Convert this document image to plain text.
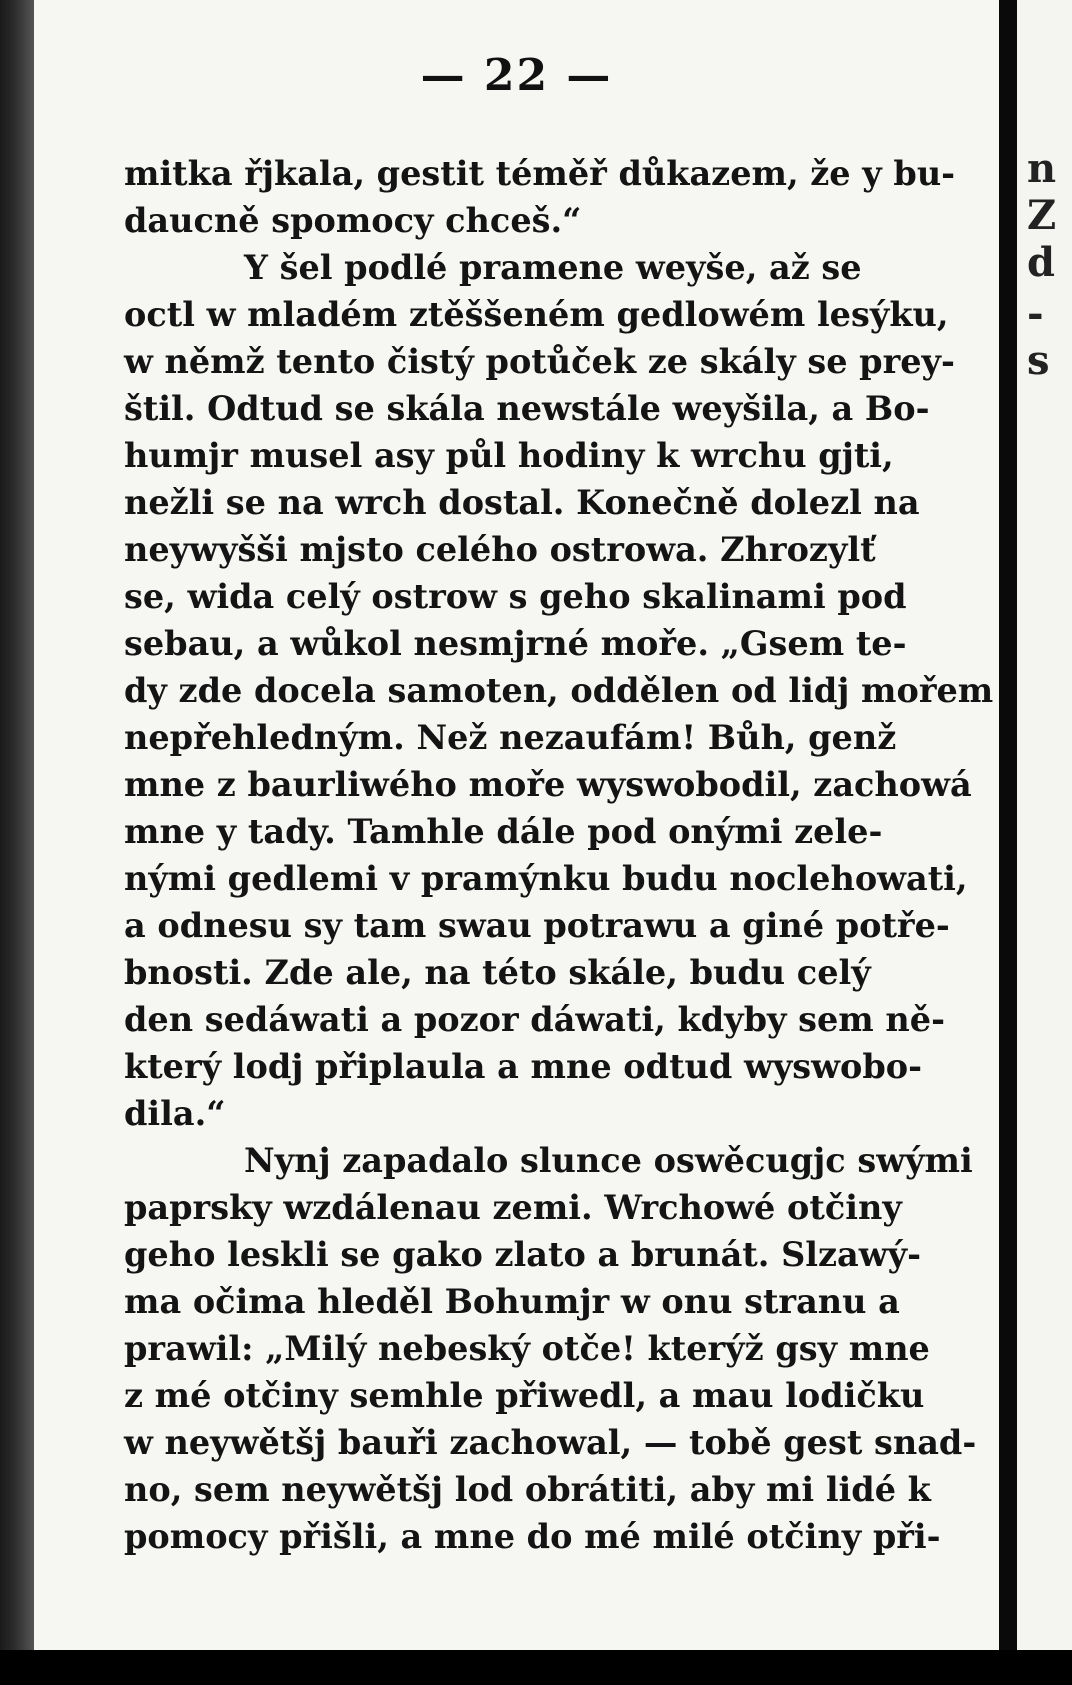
— 22 —
mitka řjkala, gestit téměř důkazem, že y bu-
daucně spomocy chceš.“
Y šel podlé pramene weyše, až se
octl w mladém ztěššeném gedlowém lesýku,
w němž tento čistý potůček ze skály se prey-
štil. Odtud se skála newstále weyšila, a Bo-
humjr musel asy půl hodiny k wrchu gjti,
nežli se na wrch dostal. Konečně dolezl na
neywyšši mjsto celého ostrowa. Zhrozylť
se, wida celý ostrow s geho skalinami pod
sebau, a wůkol nesmjrné moře. „Gsem te-
dy zde docela samoten, oddělen od lidj mořem
nepřehledným. Než nezaufám! Bůh, genž
mne z baurliwého moře wyswobodil, zachowá
mne y tady. Tamhle dále pod onými zele-
nými gedlemi v pramýnku budu noclehowati,
a odnesu sy tam swau potrawu a giné potře-
bnosti. Zde ale, na této skále, budu celý
den sedáwati a pozor dáwati, kdyby sem ně-
který lodj připlaula a mne odtud wyswobo-
dila.“
Nynj zapadalo slunce oswěcugjc swými
paprsky wzdálenau zemi. Wrchowé otčiny
geho leskli se gako zlato a brunát. Slzawý-
ma očima hleděl Bohumjr w onu stranu a
prawil: „Milý nebeský otče! kterýž gsy mne
z mé otčiny semhle přiwedl, a mau lodičku
w neywětšj bauři zachowal, — tobě gest snad-
no, sem neywětšj lod obrátiti, aby mi lidé k
pomocy přišli, a mne do mé milé otčiny při-
n
Z
d
-
s
